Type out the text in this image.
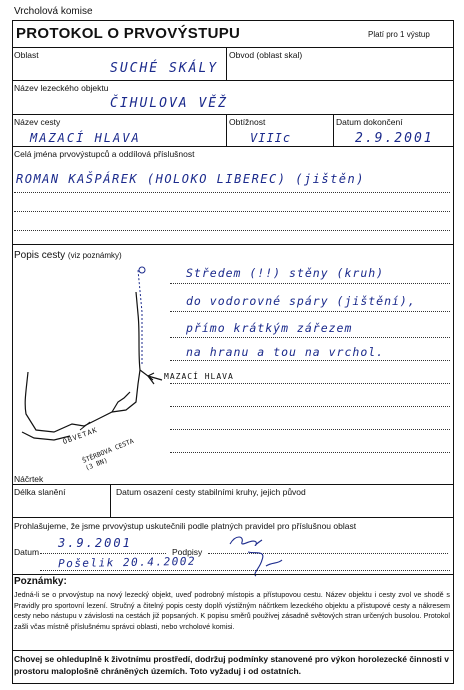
Vrcholová komise
PROTOKOL O PRVOVÝSTUPU	Platí pro 1 výstup
Oblast	Obvod (oblast skal)
SUCHÉ SKÁLY
Název lezeckého objektu
ČIHULOVA VĚŽ
Název cesty	Obtížnost	Datum dokončení
MAZACÍ HLAVA	VIIIc	2.9.2001
Celá jména prvovýstupců a oddílová příslušnost
ROMAN KAŠPÁREK (HOLOKO LIBEREC) (jištěn)
Popis cesty (viz poznámky)
Středem (!!) stěny (kruh)
do vodorovné spáry (jištění),
přímo krátkým zářezem
na hranu a tou na vrchol.
MAZACÍ HLAVA
OBVETAK
ŠTĚRBOVA CESTA (3 BN)
Náčrtek
Délka slanění	Datum osazení cesty stabilními kruhy, jejich původ
Prohlašujeme, že jsme prvovýstup uskutečnili podle platných pravidel pro příslušnou oblast
Datum
3.9.2001
Podpisy
Pošelik 20.4.2002
Poznámky:
Jedná-li se o prvovýstup na nový lezecký objekt, uveď podrobný místopis a přístupovou cestu. Název objektu i cesty zvol ve shodě s Pravidly pro sportovní lezení. Stručný a čitelný popis cesty doplň výstižným náčrtkem lezeckého objektu a přístupové cesty a nákresem cesty nebo nástupu v závislosti na cestách již popsaných. K popisu směrů používej zásadně světových stran určených busolou. Protokol zašli včas místně příslušnému správci oblasti, nebo vrcholové komisi.
Chovej se ohleduplně k životnímu prostředí, dodržuj podmínky stanovené pro výkon horolezecké činnosti v prostoru maloplošně chráněných územích. Toto vyžaduj i od ostatních.
